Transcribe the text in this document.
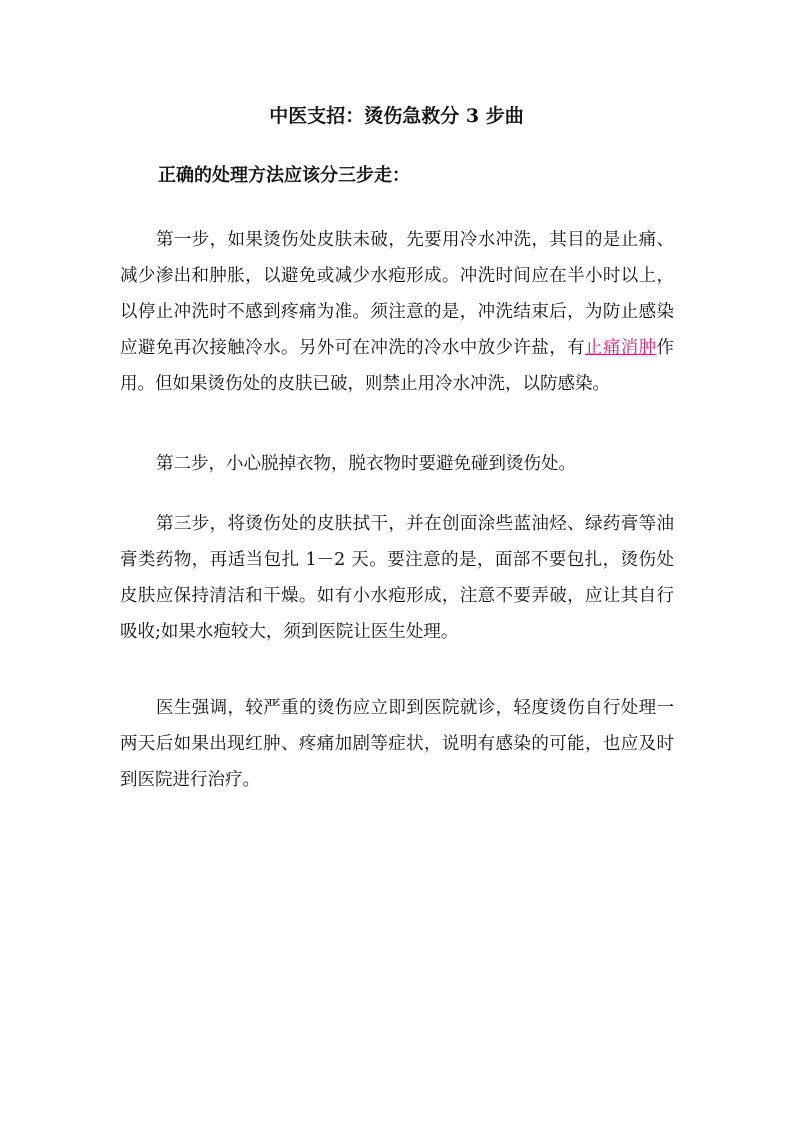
中医支招：烫伤急救分 3 步曲
正确的处理方法应该分三步走：

第一步，如果烫伤处皮肤未破，先要用冷水冲洗，其目的是止痛、减少渗出和肿胀，以避免或减少水疱形成。冲洗时间应在半小时以上，以停止冲洗时不感到疼痛为准。须注意的是，冲洗结束后，为防止感染应避免再次接触冷水。另外可在冲洗的冷水中放少许盐，有止痛消肿作用。但如果烫伤处的皮肤已破，则禁止用冷水冲洗，以防感染。

第二步，小心脱掉衣物，脱衣物时要避免碰到烫伤处。

第三步，将烫伤处的皮肤拭干，并在创面涂些蓝油烃、绿药膏等油膏类药物，再适当包扎 1－2 天。要注意的是，面部不要包扎，烫伤处皮肤应保持清洁和干燥。如有小水疱形成，注意不要弄破，应让其自行吸收;如果水疱较大，须到医院让医生处理。

医生强调，较严重的烫伤应立即到医院就诊，轻度烫伤自行处理一两天后如果出现红肿、疼痛加剧等症状，说明有感染的可能，也应及时到医院进行治疗。
